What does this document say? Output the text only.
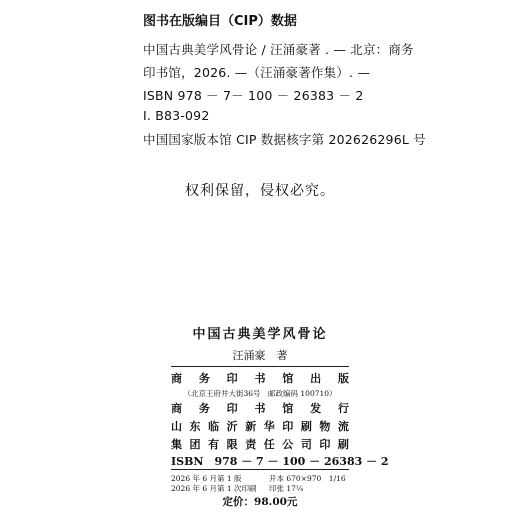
图书在版编目（CIP）数据
中国古典美学风骨论 / 汪涌豪著 . — 北京：商务
印书馆，2026. —（汪涌豪著作集）. —
ISBN 978 － 7－ 100 － 26383 － 2
Ⅰ. B83-092
中国国家版本馆 CIP 数据核字第 202626296L 号
权利保留，侵权必究。
中国古典美学风骨论
汪涌豪　著
商 务 印 书 馆 出 版
（北京王府井大街36号　邮政编码 100710）
商 务 印 书 馆 发 行
山 东 临 沂 新 华 印 刷 物 流
集 团 有 限 责 任 公 司 印 刷
ISBN　978 － 7 － 100 － 26383 － 2
2026 年 6 月第 1 版	开本 670×970　1/16
2026 年 6 月第 1 次印刷 印张 17¼
定价：98.00元
